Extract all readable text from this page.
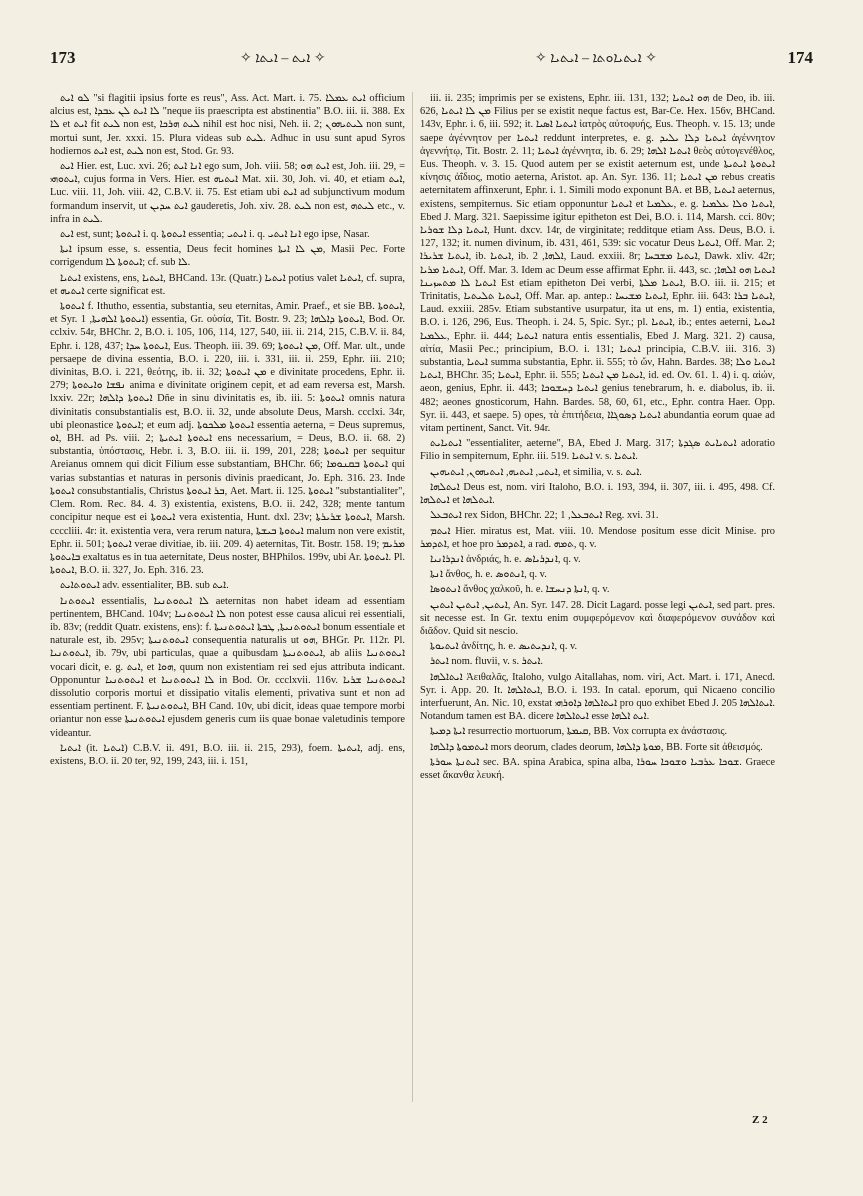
173	✧ ܐܝܬ – ܐܝܬܐ ✧	✧ ܐܝܬܝܐܘܬܐ – ܐܝܬܝܐ ✧	174

ܠܘ ܐܝܬ "si flagitii ipsius forte es reus", Ass. Act. Mart. i. 75. ܐܝܬ ܥܡܠܐ officium alcius est, ܠܐ ܐܝܬ ܠܢ ܥܒܕܐ "neque iis praescripta est abstinentia" B.O. iii. ii. 388. Ex ܠܐ et ܐܝܬ fit ܠܝܬ non est, ܠܝܬ ܗܪܟܐ nihil est hoc nisi, Neh. ii. 2; ܠܝܬܝܗܘܢ non sunt, mortui sunt, Jer. xxxi. 15. Plura videas sub ܠܝܬ. Adhuc in usu sunt apud Syros hodiernos ܐܝܬ est, ܠܝܬ non est, Stod. Gr. 93.

ܐܝܬ Hier. est, Luc. xvi. 26; ܐܢܐ ܐܝܬ ego sum, Joh. viii. 58; ܐܝܬ ܗܘ est, Joh. iii. 29, = ܐܝܬܘܗܝ, cujus forma in Vers. Hier. est ܐܝܬܝܗ Mat. xii. 30, Joh. vi. 40, et etiam ܐܝܬ, Luc. viii. 11, Joh. viii. 42, C.B.V. ii. 75. Est etiam ubi ܐܝܬ ad subjunctivum modum formandum inservit, ut ܐܝܬ ܚܕܝܢ gauderetis, Joh. xiv. 28. ܠܝܬ non est, ܠܝܬܗ etc., v. infra in ܠܝܬ.

ܐܝܬ est, sunt; ܐܝܬܘܬܐ i. q. ܐܝܬܘܬܐ essentia; ܐܝܬܝ i. q. ܐܢܐ ܐܝܬܝ ego ipse, Nasar.

ܐܝܬܐ ipsum esse, s. essentia, Deus fecit homines ܡܢ ܠܐ ܐܝܬܐ, Masii Pec. Forte corrigendum ܐܝܬܘܬܐ ܠܐ; cf. sub ܠܐ.

ܐܝܬܝܐ existens, ens, ܐܝܬܝܐ, BHCand. 13r. (Quatr.) ܐܝܬܝܐ potius valet ܐܝܬܝܐ, cf. supra, et ܐܝܬܝܗ certe significat est.

ܐܝܬܘܬܐ f. Ithutho, essentia, substantia, seu eternitas, Amir. Praef., et sie BB. ܐܝܬܘܬܐ, et Syr. ܐܝܬܘܬܐ ܐܠܗܝܬܐ, 1) essentia, Gr. οὐσία, Tit. Bostr. 9. 23; ܐܝܬܘܬܐ ܕܐܠܗܐ, Bod. Or. cclxiv. 54r, BHChr. 2, B.O. i. 105, 106, 114, 127, 540, iii. ii. 214, 215, C.B.V. ii. 84, Ephr. i. 128, 437; ܐܝܬܘܬܐ ܚܕܐ, Eus. Theoph. iii. 39. 69; ܡܢ ܐܝܬܘܬܐ, Off. Mar. ult., unde persaepe de divina essentia, B.O. i. 220, iii. i. 331, iii. ii. 259, Ephr. iii. 210; divinitas, B.O. i. 221, θεότης, ib. ii. 32; ܡܢ ܐܝܬܘܬܐ e divinitate procedens, Ephr. ii. 279; ܢܦܫܐ ܘܐܝܬܘܬܐ anima e divinitate originem cepit, et ad eam reversa est, Marsh. lxxiv. 22r; ܐܝܬܘܬܐ ܕܐܠܗܐ Dñe in sinu divinitatis es, ib. iii. 5: ܐܝܬܘܬܐ omnis natura divinitatis consubstantialis est, B.O. ii. 32, unde absolute Deus, Marsh. ccclxi. 34r, ubi pleonastice ܐܝܬܘܬܐ; et eum adj. ܐܝܬܘܬܐ ܡܠܟܘܬܐ essentia aeterna, = Deus supremus, ܐܘ, BH. ad Ps. viii. 2; ܐܝܬܘܬܐ ܐܝܬܝܬܐ ens necessarium, = Deus, B.O. ii. 68. 2) substantia, ὑπόστασις, Hebr. i. 3, B.O. iii. ii. 199, 201, 228; ܐܝܬܘܬܐ per sequitur Areianus omnem qui dicit Filium esse substantiam, BHChr. 66; ܐܝܬܘܬܐ ܒܩܢܘܡܐ qui varias substantias et naturas in personis divinis praedicant, Jo. Eph. 316. 23. Inde ܐܝܬܘܬܐ consubstantialis, Christus ܒܪ ܐܝܬܘܬܐ, Aet. Mart. ii. 125. ܐܝܬܘܬܐ "substantialiter", Clem. Rom. Rec. 84. 4. 3) existentia, existens, B.O. ii. 242, 328; mente tantum concipitur neque est ei ܐܝܬܘܬܐ vera existentia, Hunt. dxl. 23v; ܐܝܬܘܬܐ ܫܪܝܪܬܐ, Marsh. ccccliii. 4r: it. existentia vera, vera rerum natura, ܐܝܬܘܬܐ ܒܝܫܬܐ malum non vere existit, Ephr. ii. 501; ܐܝܬܘܬܐ verae divitiae, ib. iii. 209. 4) aeternitas, Tit. Bostr. 158. 19; ܡܪܝܡ ܒܐܝܬܘܬܐ exaltatus es in tua aeternitate, Deus noster, BHPhilos. 199v, ubi Ar. ܐܝܬܘܬܐ. Pl. ܐܝܬܘܬܐ, B.O. ii. 327, Jo. Eph. 316. 23.

ܐܝܬܘܬܐܝܬ adv. essentialiter, BB. sub ܐܝܬ.

ܐܝܬܘܬܢܐ essentialis, ܠܐ ܐܝܬܘܬܢܝܐ aeternitas non habet ideam ad essentiam pertinentem, BHCand. 104v; ܠܐ ܐܝܬܘܬܢܝܐ non potest esse causa alicui rei essentiali, ib. 83v; (reddit Quatr. existens, ens): f. ܐܝܬܘܬܢܝܬܐ, ܛܒܬܐ ܐܝܬܘܬܢܝܬܐ bonum essentiale et naturale est, ib. 295v; ܐܝܬܘܬܢܝܬܐ consequentia naturalis ut ܗܘ, BHGr. Pr. 112r. Pl. ܐܝܬܘܬܢܝܐ, ib. 79v, ubi particulas, quae a quibusdam ܐܝܬܘܬܢܝܬܐ, ab aliis ܐܝܬܘܬܢܝܐ vocari dicit, e. g. ܐܝܬ, et ܗܘܐ, quum non existentiam rei sed ejus attributa indicant. Opponuntur ܐܝܬܘܬܢܝܐ et ܠܐ ܐܝܬܘܬܢܝܐ in Bod. Or. ccclxvii. 116v. ܐܝܬܘܬܢܝܐ ܫܪܝܐ dissolutio corporis mortui et dissipatio vitalis elementi, privativa sunt et non ad essentiam pertinent. F. ܐܝܬܘܬܢܝܬܐ, BH Cand. 10v, ubi dicit, ideas quae tempore morbi oriantur non esse ܐܝܬܘܬܢܝܬܐ ejusdem generis cum iis quae bonae valetudinis tempore videantur.

ܐܝܬܝܐ (it. ܐܝܬܝܐ) C.B.V. ii. 491, B.O. iii. ii. 215, 293), foem. ܐܝܬܝܬܐ, adj. ens, existens, B.O. ii. 20 ter, 92, 199, 243, iii. i. 151,

iii. ii. 235; imprimis per se existens, Ephr. iii. 131, 132; ܗܘ ܐܝܬܝܐ de Deo, ib. iii. 626, ܡܢ ܠܐ ܐܝܬܝܐ Filius per se existit neque factus est, Bar-Ce. Hex. 156v, BHCand. 143v, Ephr. i. 6, iii. 592; it. ܐܝܬܝܐ ܐܣܝܐ ἰατρὸς αὐτοφυής, Eus. Theoph. v. 15. 13; unde saepe ἀγέννητον per ܐܝܬܝܐ reddunt interpretes, e. g. ܐܝܬܝܐ ܕܠܐ ܝܠܝܕ ἀγέννητον ἀγεννήτῳ, Tit. Bostr. 2. 11; ܐܝܬܝܐ ἀγέννητα, ib. 6. 29; ܐܝܬܝܐ ܐܠܗܐ θεὸς αὐτογενέθλος, Eus. Theoph. v. 3. 15. Quod autem per se existit aeternum est, unde ܐܝܬܘܬܐ ܐܝܬܝܬܐ κίνησις ἀΐδιος, motio aeterna, Aristot. ap. An. Syr. 136. 11; ܡܢ ܐܝܬܝܐ rebus creatis aeternitatem affinxerunt, Ephr. i. 1. Simili modo exponunt BA. et BB, ܐܝܬܝܐ aeternus, existens, sempiternus. Sic etiam opponuntur ܐܝܬܝܐ et ܥܠܡܝܐ, e. g. ܐܝܬܝܐ ܘܠܐ ܥܠܡܝܐ, Ebed J. Marg. 321. Saepissime igitur epitheton est Dei, B.O. i. 114, Marsh. cci. 80v; ܐܝܬܝܐ ܕܠܐ ܫܘܪܝܐ, Hunt. dxcv. 14r, de virginitate; redditque etiam Ass. Deus, B.O. i. 127, 132; it. numen divinum, ib. 431, 461, 539: sic vocatur Deus ܐܝܬܝܐ, Off. Mar. 2; ܐܝܬܝܐ ܫܪܝܪܐ, ib. ܐܝܬܝܐ, ib. ܐܠܗܐ, 2, Laud. exxiii. 8r; ܐܝܬܝܐ ܡܫܒܚܐ, Dawk. xliv. 42r; ܐܝܬܝܐ ܡܪܝܐ, Off. Mar. 3. Idem ac Deum esse affirmat Ephr. ii. 443, sc. ܐܝܬܝܐ ܗܘ ܐܠܗܐ; ܐܝܬܝܐ ܠܐ ܡܬܚܙܝܢܐ Est etiam epitheton Dei verbi, ܐܝܬܝܐ ܡܠܬܐ, B.O. iii. ii. 215; et Trinitatis, ܐܝܬܝܐ ܬܠܝܬܝܐ, Off. Mar. ap. antep.: ܐܝܬܝܐ ܡܫܝܚܐ, Ephr. iii. 643: ܐܝܬܝܐ ܒܪܐ, Laud. exxiii. 285v. Etiam substantive usurpatur, ita ut ens, m. 1) entia, existentia, B.O. i. 126, 296, Eus. Theoph. i. 24. 5, Spic. Syr.; pl. ܐܝܬܝܐ, ib.; entes aeterni, ܐܝܬܝܐ ܥܠܡܝܐ, Ephr. ii. 444; ܐܝܬܝܐ natura entis essentialis, Ebed J. Marg. 321. 2) causa, αἰτία, Masii Pec.; principium, B.O. i. 131; ܐܝܬܝܐ principia, C.B.V. iii. 316. 3) substantia, ܐܝܬܝܐ summa substantia, Ephr. ii. 555; τὸ ὤν, Hahn. Bardes. 38; ܐܝܬܝܐ ܘܠܐ ܐܝܬܝܐ, BHChr. 35; ܐܝܬܝܐ, Ephr. ii. 555; ܐܝܬܝܐ ܡܢ ܐܝܬܝܐ, id. ed. Ov. 61. 1. 4) i. q. αἰών, aeon, genius, Ephr. ii. 443; ܐܝܬܝܐ ܕܚܫܘܟܐ genius tenebrarum, h. e. diabolus, ib. ii. 482; aeones gnosticorum, Hahn. Bardes. 58, 60, 61, etc., Ephr. contra Haer. Opp. Syr. ii. 443, et saepe. 5) opes, τὰ ἐπιτήδεια, ܐܝܬܝܐ ܕܣܘܓܐܐ abundantia eorum quae ad vitam pertinent, Sanct. Vit. 94r.

ܐܝܬܝܐܝܬ "essentialiter, aeterne", BA, Ebed J. Marg. 317; ܐܝܬܝܐܝܬ ܣܓܕܬܐ adoratio Filio in sempiternum, Ephr. iii. 519. ܐܝܬܝܐ v. s. ܐܝܬܝܐ.

ܐܝܬܝ, ܐܝܬܝܗ, ܐܝܬܝܗܘܢ, ܐܝܬܝܗܝܢ, et similia, v. s. ܐܝܬ.

ܐܝܬܠܗܐ Deus est, nom. viri Italoho, B.O. i. 193, 394, ii. 307, iii. i. 495, 498. Cf. ܐܝܬܠܗܐ et ܐܝܬܠܗܐ.

ܐܝܬܒܥܠ rex Sidon, BHChr. 22; ܐܝܬܒܥܠ, 1 Reg. xvi. 31.

ܐܝܬܡ Hier. miratus est, Mat. viii. 10. Mendose positum esse dicit Minise. pro ܐܬܕܡܪ, et hoe pro ܐܬܕܡܪ, a rad. ܬܡܗ, q. v.

ܐܢܕܪܐܢܝܐ ἀνδριάς, h. e. ܐܢܕܪܝܐܣ, q. v.

ܐܢܬܐ ἄνθος, h. e. ܐܢܬܘܣ, q. v.

ܐܢܬܘܣܐ ἄνθος χαλκοῦ, h. e. ܐܢܬܐ ܕܢܚܫܐ, q. v.

ܐܝܬܝܢ, ܐܝܬܝܢ ܐܝܬܝܢ, An. Syr. 147. 28. Dicit Lagard. posse legi ܐܝܬܝܢ, sed part. pres. sit necesse est. In Gr. textu enim συμφερόμενον καὶ διαφερόμενον συνάδον καὶ διᾶδον. Quid sit nescio.

ܐܝܬܝܘܬܐ ἀνδίτης, h. e. ܐܢܕܝܬܝܣ, q. v.

ܐܝܬܪ nom. fluvii, v. s. ܐܝܬܪ.

ܐܝܬܐܠܗܐ Ἀειθαλᾶς, Italoho, vulgo Aitallahas, nom. viri, Act. Mart. i. 171, Anecd. Syr. i. App. 20. It. ܐܝܬܐܠܗܐ, B.O. i. 193. In catal. eporum, qui Nicaeno concilio interfuerunt, An. Nic. 10, exstat ܐܝܬܐܠܗܐ ܕܐܘܪܗܝ pro quo exhibet Ebed J. 205 ܐܝܬܐܠܗܐ. Notandum tamen est BA. dicere ܐܝܬܐܠܗܐ esse ܐܝܬ ܐܠܗܐ.

ܐܝܬܐ ܕܡܝܬܐ resurrectio mortuorum, ܩܝܡܬܐ, BB. Vox corrupta ex ἀνάστασις.

ܐܝܬܡܘܬܐ ܕܐܠܗܐ mors deorum, clades deorum, ܡܘܬܐ ܕܐܠܗܐ, BB. Forte sit ἀθεισμός.

ܐܝܬܢܬܐ ܚܘܪܬܐ sec. BA. spina Arabica, spina alba, ܫܘܟܐ ܥܪܒܝܐ ܘܫܘܟܐ ܚܘܪܐ. Graece esset ἄκανθα λευκή.

Z 2
